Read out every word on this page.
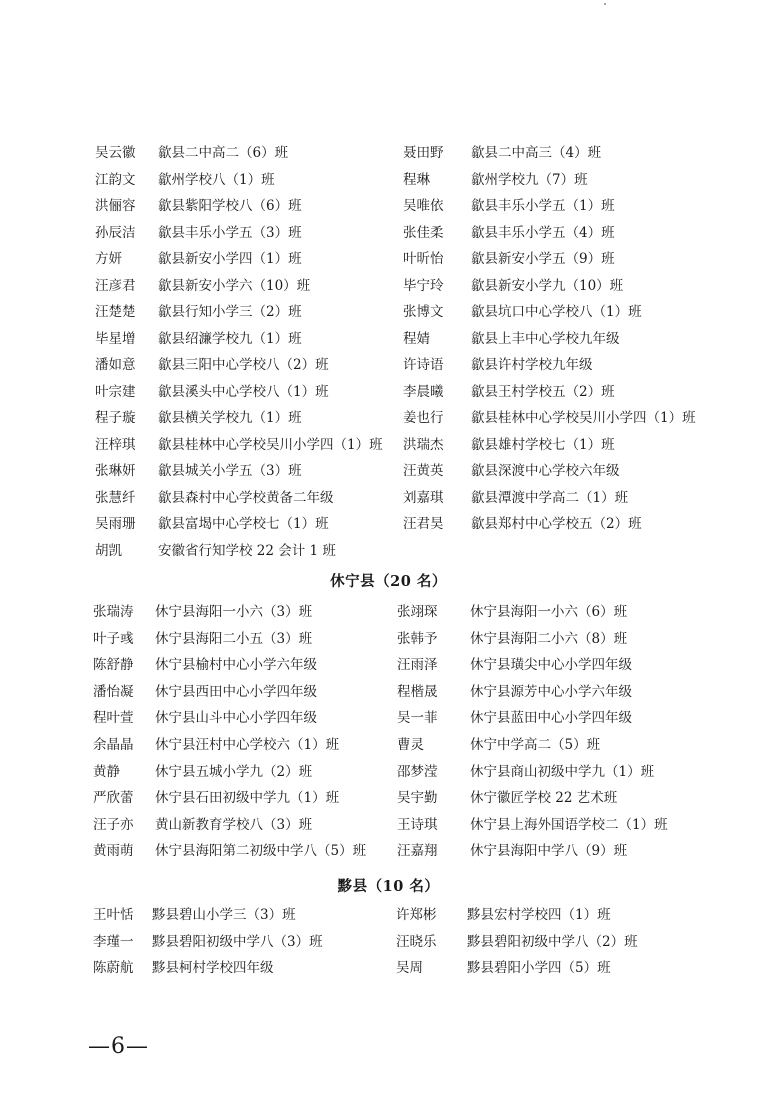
吴云徽 歙县二中高二（6）班	聂田野 歙县二中高三（4）班
江韵文 歙州学校八（1）班	程琳	歙州学校九（7）班
洪俪容 歙县紫阳学校八（6）班	吴唯依 歙县丰乐小学五（1）班
孙辰洁 歙县丰乐小学五（3）班	张佳柔 歙县丰乐小学五（4）班
方妍	歙县新安小学四（1）班	叶昕怡 歙县新安小学五（9）班
汪彦君 歙县新安小学六（10）班	毕宁玲 歙县新安小学九（10）班
汪楚楚 歙县行知小学三（2）班	张博文 歙县坑口中心学校八（1）班
毕星增 歙县绍濂学校九（1）班	程婧	歙县上丰中心学校九年级
潘如意 歙县三阳中心学校八（2）班	许诗语 歙县许村学校九年级
叶宗建 歙县溪头中心学校八（1）班	李晨曦 歙县王村学校五（2）班
程子璇 歙县横关学校九（1）班	姜也行 歙县桂林中心学校吴川小学四（1）班
汪梓琪 歙县桂林中心学校吴川小学四（1）班 洪瑞杰 歙县雄村学校七（1）班
张琳妍 歙县城关小学五（3）班	汪黄英 歙县深渡中心学校六年级
张慧纤 歙县森村中心学校黄备二年级	刘嘉琪 歙县潭渡中学高二（1）班
吴雨珊 歙县富堨中心学校七（1）班	汪君昊 歙县郑村中心学校五（2）班
胡凯	安徽省行知学校 22 会计 1 班
休宁县（20 名）
张瑞涛 休宁县海阳一小六（3）班	张翊琛 休宁县海阳一小六（6）班
叶子彧 休宁县海阳二小五（3）班	张韩予 休宁县海阳二小六（8）班
陈舒静 休宁县榆村中心小学六年级	汪雨泽 休宁县璜尖中心小学四年级
潘怡凝 休宁县西田中心小学四年级	程楷晟 休宁县源芳中心小学六年级
程叶萱 休宁县山斗中心小学四年级	吴一菲 休宁县蓝田中心小学四年级
余晶晶 休宁县汪村中心学校六（1）班	曹灵	休宁中学高二（5）班
黄静	休宁县五城小学九（2）班	邵梦滢 休宁县商山初级中学九（1）班
严欣蕾 休宁县石田初级中学九（1）班	吴宇勤 休宁徽匠学校 22 艺术班
汪子亦 黄山新教育学校八（3）班	王诗琪 休宁县上海外国语学校二（1）班
黄雨萌 休宁县海阳第二初级中学八（5）班 汪嘉翔 休宁县海阳中学八（9）班
黟县（10 名）
王叶恬 黟县碧山小学三（3）班	许郑彬 黟县宏村学校四（1）班
李瑾一 黟县碧阳初级中学八（3）班	汪晓乐 黟县碧阳初级中学八（2）班
陈蔚航 黟县柯村学校四年级	吴周	黟县碧阳小学四（5）班
—6—
